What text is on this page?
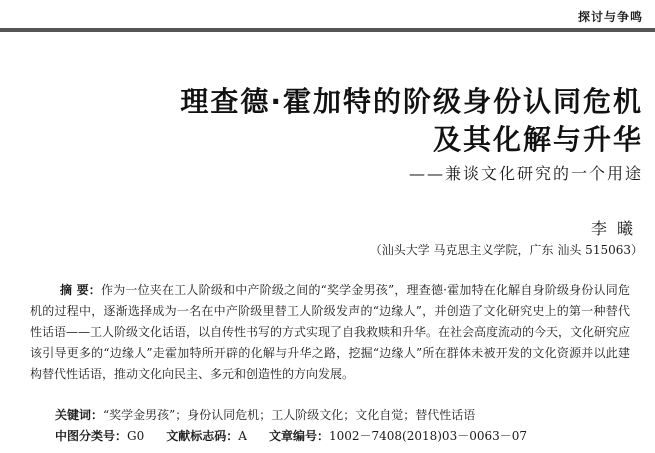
探讨与争鸣
理查德·霍加特的阶级身份认同危机
及其化解与升华
——兼谈文化研究的一个用途
李曦
（汕头大学 马克思主义学院，广东 汕头 515063）
摘 要：作为一位夹在工人阶级和中产阶级之间的“奖学金男孩”，理查德·霍加特在化解自身阶级身份认同危机的过程中，逐渐选择成为一名在中产阶级里替工人阶级发声的“边缘人”，并创造了文化研究史上的第一种替代性话语——工人阶级文化话语，以自传性书写的方式实现了自我救赎和升华。在社会高度流动的今天，文化研究应该引导更多的“边缘人”走霍加特所开辟的化解与升华之路，挖掘“边缘人”所在群体未被开发的文化资源并以此建构替代性话语，推动文化向民主、多元和创造性的方向发展。
关键词：“奖学金男孩”；身份认同危机；工人阶级文化；文化自觉；替代性话语
中图分类号：G0 文献标志码：A 文章编号：1002－7408(2018)03－0063－07
